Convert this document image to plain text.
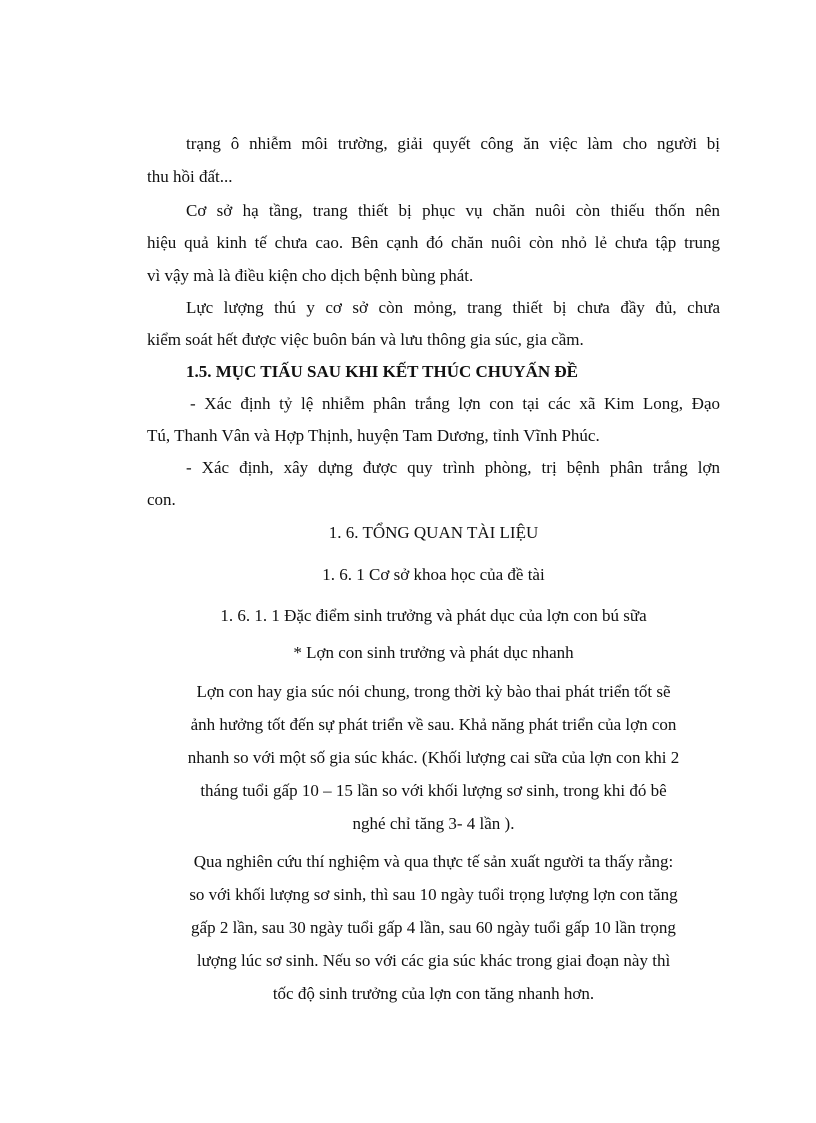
trạng ô nhiễm môi trường, giải quyết công ăn việc làm cho người bị
thu hồi đất...
Cơ sở hạ tầng, trang thiết bị phục vụ chăn nuôi còn thiếu thốn nên
hiệu quả kinh tế chưa cao. Bên cạnh đó chăn nuôi còn nhỏ lẻ chưa tập trung
vì vậy mà là điều kiện cho dịch bệnh bùng phát.
Lực lượng thú y cơ sở còn mỏng, trang thiết bị chưa đầy đủ, chưa
kiểm soát hết được việc buôn bán và lưu thông gia súc, gia cầm.
1.5. MỤC TIẤU SAU KHI KẾT THÚC CHUYẤN ĐỀ
- Xác định tỷ lệ nhiễm phân trắng lợn con tại các xã Kim Long, Đạo
Tú, Thanh Vân và Hợp Thịnh, huyện Tam Dương, tỉnh Vĩnh Phúc.
- Xác định, xây dựng được quy trình phòng, trị bệnh phân trắng lợn
con.
1. 6. TỔNG QUAN TÀI LIỆU
1. 6. 1 Cơ sở khoa học của đề tài
1. 6. 1. 1 Đặc điểm sinh trưởng và phát dục của lợn con bú sữa
* Lợn con sinh trưởng và phát dục nhanh
Lợn con hay gia súc nói chung, trong thời kỳ bào thai phát triển tốt sẽ
ảnh hưởng tốt đến sự phát triển về sau. Khả năng phát triển của lợn con
nhanh so với một số gia súc khác. (Khối lượng cai sữa của lợn con khi 2
tháng tuổi gấp 10 – 15 lần so với khối lượng sơ sinh, trong khi đó bê
nghé chỉ tăng 3- 4 lần ).
Qua nghiên cứu thí nghiệm và qua thực tế sản xuất người ta thấy rằng:
so với khối lượng sơ sinh, thì sau 10 ngày tuổi trọng lượng lợn con tăng
gấp 2 lần, sau 30 ngày tuổi gấp 4 lần, sau 60 ngày tuổi gấp 10 lần trọng
lượng lúc sơ sinh. Nếu so với các gia súc khác trong giai đoạn này thì
tốc độ sinh trưởng của lợn con tăng nhanh hơn.
